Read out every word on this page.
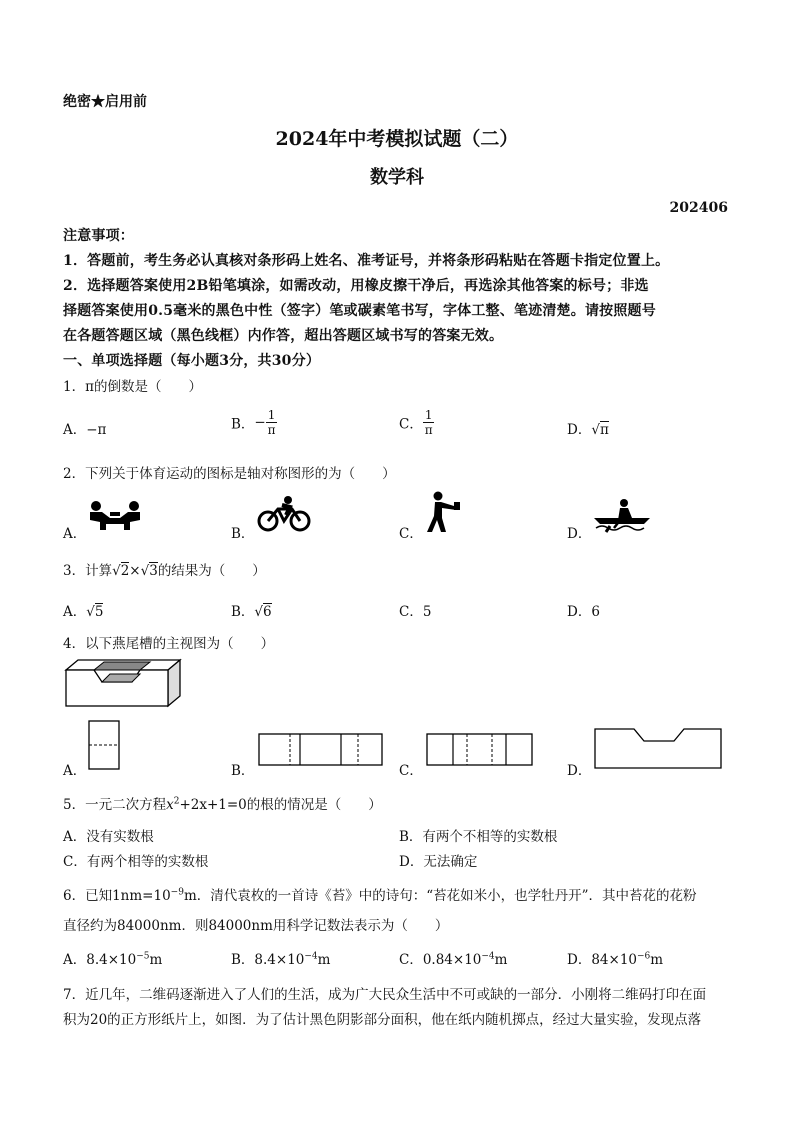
绝密★启用前
2024年中考模拟试题（二）
数学科
202406
注意事项：
1．答题前，考生务必认真核对条形码上姓名、准考证号，并将条形码粘贴在答题卡指定位置上。
2．选择题答案使用2B铅笔填涂，如需改动，用橡皮擦干净后，再选涂其他答案的标号；非选
择题答案使用0.5毫米的黑色中性（签字）笔或碳素笔书写，字体工整、笔迹清楚。请按照题号
在各题答题区域（黑色线框）内作答，超出答题区域书写的答案无效。
一、单项选择题（每小题3分，共30分）
1．π的倒数是（　　）
A．−π	B．− $\frac{1}{\pi}$	C． $\frac{1}{\pi}$	D．√π
2．下列关于体育运动的图标是轴对称图形的为（　　）
A．	B．	C．	D．
3．计算√2×√3的结果为（　　）
A．√5	B．√6	C．5	D．6
4．以下燕尾槽的主视图为（　　）
A．	B．	C．	D．
5．一元二次方程$x^2+2x+1=0$的根的情况是（　　）
A．没有实数根	B．有两个不相等的实数根
C．有两个相等的实数根	D．无法确定
6．已知$1nm=10^{-9}m$．清代袁枚的一首诗《苔》中的诗句：“苔花如米小，也学牡丹开”．其中苔花的花粉
直径约为84000nm．则84000nm用科学记数法表示为（　　）
A．$8.4\times 10^{-5}m$	B．$8.4\times 10^{-4}m$	C．$0.84\times 10^{-4}m$	D．$84\times 10^{-6}m$
7．近几年，二维码逐渐进入了人们的生活，成为广大民众生活中不可或缺的一部分．小刚将二维码打印在面
积为20的正方形纸片上，如图．为了估计黑色阴影部分面积，他在纸内随机掷点，经过大量实验，发现点落
